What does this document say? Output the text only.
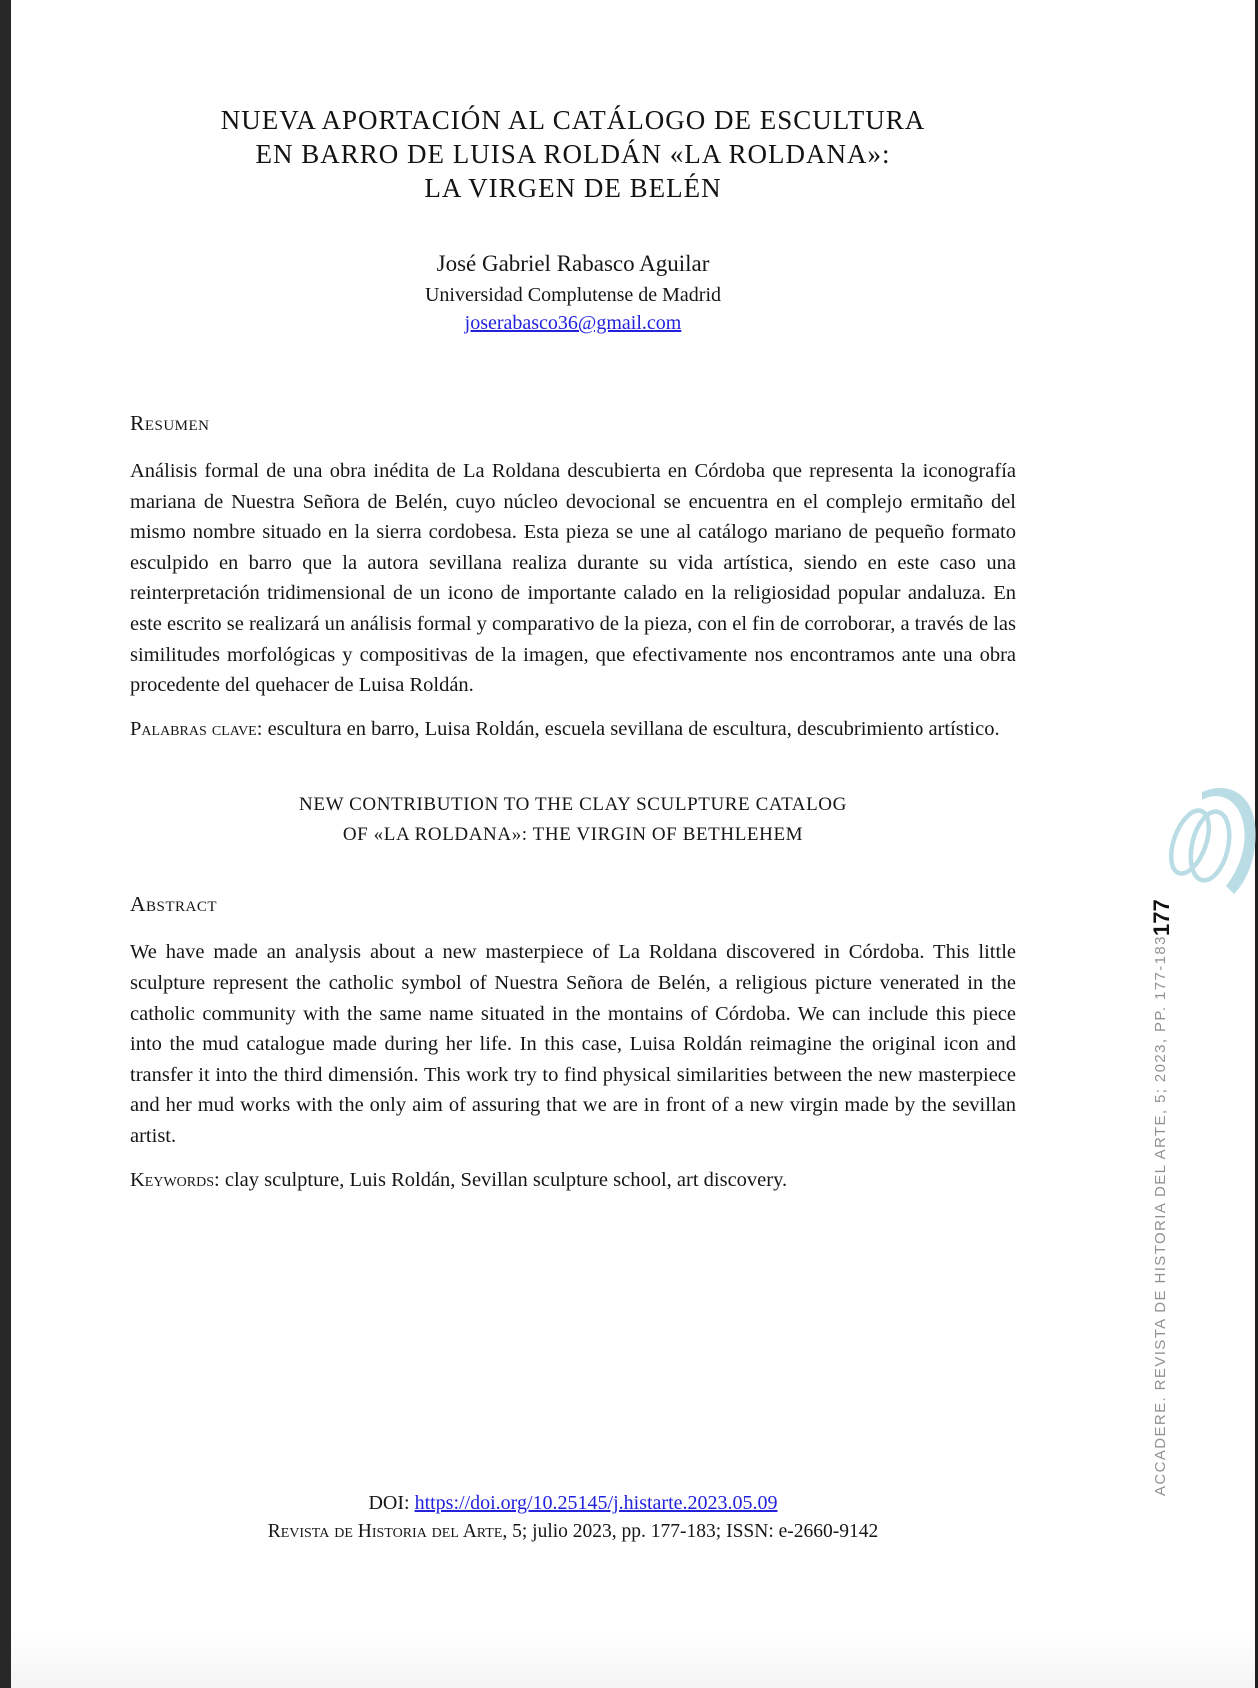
NUEVA APORTACIÓN AL CATÁLOGO DE ESCULTURA
EN BARRO DE LUISA ROLDÁN «LA ROLDANA»:
LA VIRGEN DE BELÉN
José Gabriel Rabasco Aguilar
Universidad Complutense de Madrid
joserabasco36@gmail.com
Resumen

Análisis formal de una obra inédita de La Roldana descubierta en Córdoba que representa la iconografía mariana de Nuestra Señora de Belén, cuyo núcleo devocional se encuentra en el complejo ermitaño del mismo nombre situado en la sierra cordobesa. Esta pieza se une al catálogo mariano de pequeño formato esculpido en barro que la autora sevillana realiza durante su vida artística, siendo en este caso una reinterpretación tridimensional de un icono de importante calado en la religiosidad popular andaluza. En este escrito se realizará un análisis formal y comparativo de la pieza, con el fin de corroborar, a través de las similitudes morfológicas y compositivas de la imagen, que efectivamente nos encontramos ante una obra procedente del quehacer de Luisa Roldán.

Palabras clave: escultura en barro, Luisa Roldán, escuela sevillana de escultura, descubrimiento artístico.

NEW CONTRIBUTION TO THE CLAY SCULPTURE CATALOG
OF «LA ROLDANA»: THE VIRGIN OF BETHLEHEM
Abstract

We have made an analysis about a new masterpiece of La Roldana discovered in Córdoba. This little sculpture represent the catholic symbol of Nuestra Señora de Belén, a religious picture venerated in the catholic community with the same name situated in the montains of Córdoba. We can include this piece into the mud catalogue made during her life. In this case, Luisa Roldán reimagine the original icon and transfer it into the third dimensión. This work try to find physical similarities between the new masterpiece and her mud works with the only aim of assuring that we are in front of a new virgin made by the sevillan artist.

Keywords: clay sculpture, Luis Roldán, Sevillan sculpture school, art discovery.

DOI: https://doi.org/10.25145/j.histarte.2023.05.09
Revista de Historia del Arte, 5; julio 2023, pp. 177-183; ISSN: e-2660-9142
177
ACCADERE. REVISTA DE HISTORIA DEL ARTE, 5; 2023, PP. 177-183
